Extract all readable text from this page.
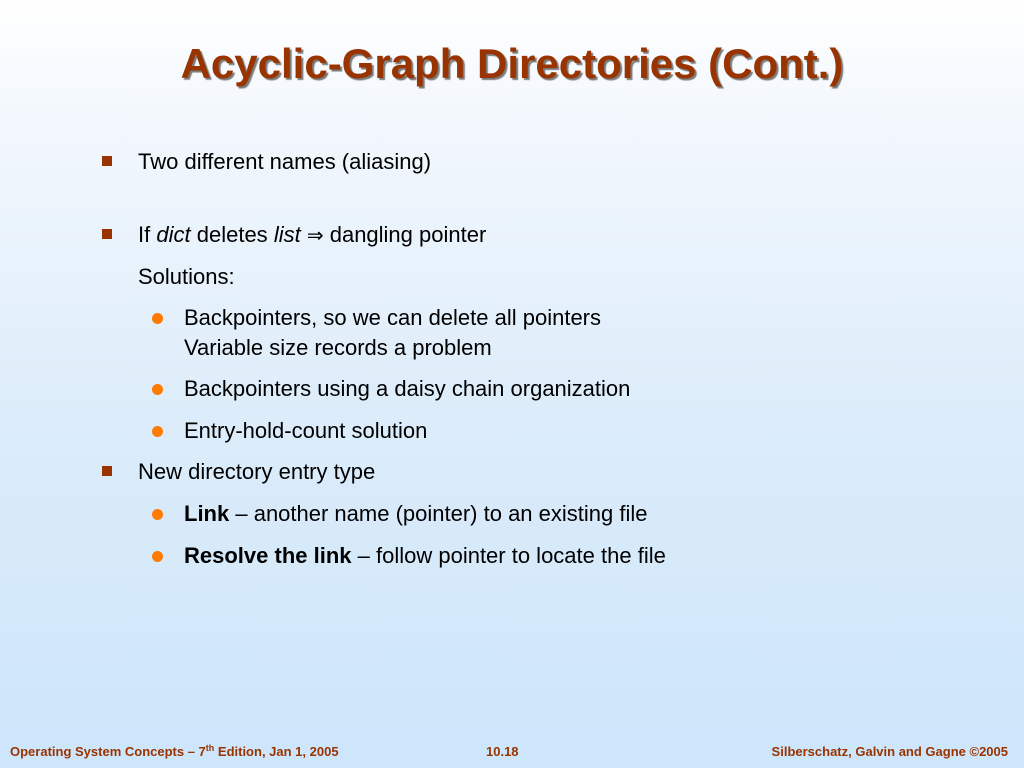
Acyclic-Graph Directories (Cont.)
Two different names (aliasing)
If dict deletes list ⇒ dangling pointer
Solutions:
Backpointers, so we can delete all pointers
Variable size records a problem
Backpointers using a daisy chain organization
Entry-hold-count solution
New directory entry type
Link – another name (pointer) to an existing file
Resolve the link – follow pointer to locate the file
Operating System Concepts – 7th Edition, Jan 1, 2005	10.18	Silberschatz, Galvin and Gagne ©2005
